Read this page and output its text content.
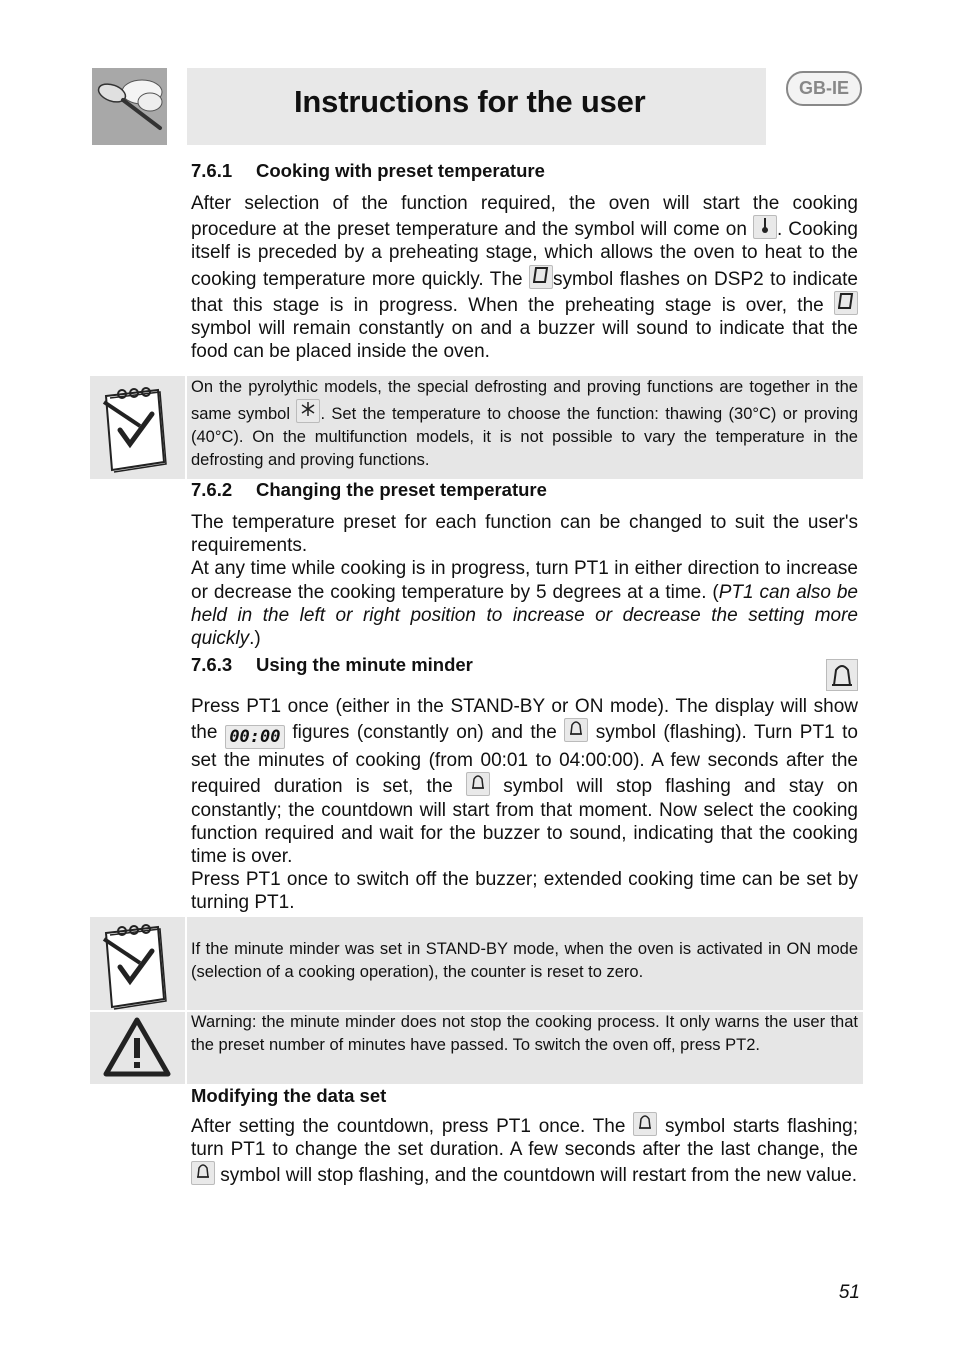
Instructions for the user	GB-IE
7.6.1 Cooking with preset temperature
After selection of the function required, the oven will start the cooking procedure at the preset temperature and the symbol will come on
. Cooking itself is preceded by a preheating stage, which allows the oven to heat to the cooking temperature more quickly. The
symbol flashes on DSP2 to indicate that this stage is in progress. When the preheating stage is over, the
symbol will remain constantly on and a buzzer will sound to indicate that the food can be placed inside the oven.
On the pyrolythic models, the special defrosting and proving functions are together in the same symbol
. Set the temperature to choose the function: thawing (30°C) or proving (40°C). On the multifunction models, it is not possible to vary the temperature in the defrosting and proving functions.
7.6.2 Changing the preset temperature

The temperature preset for each function can be changed to suit the user's requirements.

At any time while cooking is in progress, turn PT1 in either direction to increase or decrease the cooking temperature by 5 degrees at a time. (PT1 can also be held in the left or right position to increase or decrease the setting more quickly.)

7.6.3 Using the minute minder

Press PT1 once (either in the STAND-BY or ON mode). The display will show the 00:00 figures (constantly on) and the
symbol (flashing). Turn PT1 to set the minutes of cooking (from 00:01 to 04:00:00). A few seconds after the required duration is set, the
symbol will stop flashing and stay on constantly; the countdown will start from that moment. Now select the cooking function required and wait for the buzzer to sound, indicating that the cooking time is over.

Press PT1 once to switch off the buzzer; extended cooking time can be set by turning PT1.

If the minute minder was set in STAND-BY mode, when the oven is activated in ON mode (selection of a cooking operation), the counter is reset to zero.
Warning: the minute minder does not stop the cooking process. It only warns the user that the preset number of minutes have passed. To switch the oven off, press PT2.
Modifying the data set
After setting the countdown, press PT1 once. The
symbol starts flashing; turn PT1 to change the set duration. A few seconds after the last change, the
symbol will stop flashing, and the countdown will restart from the new value.
51
